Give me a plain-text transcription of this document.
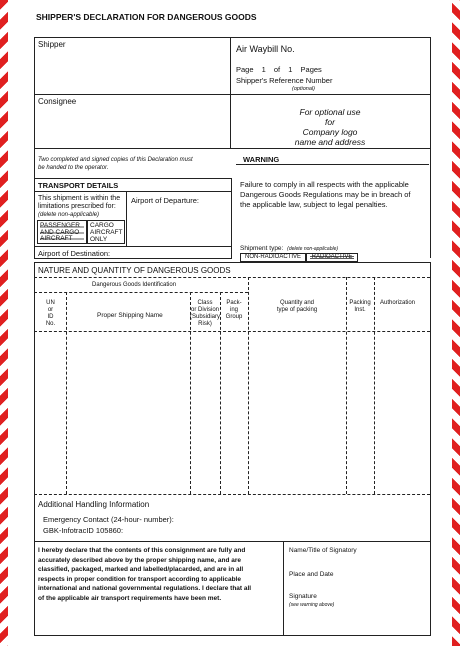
SHIPPER'S DECLARATION FOR DANGEROUS GOODS
Shipper	Air Waybill No.
Page 1 of 1 Pages
Shipper's Reference Number
(optional)
Consignee
For optional use
for
Company logo
name and address
Two completed and signed copies of this Declaration must
be handed to the operator.
WARNING
Failure to comply in all respects with the applicable
Dangerous Goods Regulations may be in breach of
the applicable law, subject to legal penalties.
TRANSPORT DETAILS
This shipment is within the
limitations prescribed for:
(delete non-applicable)
Airport of Departure:
PASSENGER AND CARGO AIRCRAFT
CARGO
AIRCRAFT
ONLY
Airport of Destination:
Shipment type: (delete non-applicable)
NON-RADIOACTIVE	RADIOACTIVE
NATURE AND QUANTITY OF DANGEROUS GOODS
Dangerous Goods Identification
UN
or
ID
No.
Proper Shipping Name
Class
or Division
(Subsidiary
Risk)
Pack-
ing
Group
Quantity and
type of packing
Packing
Inst.
Authorization
Additional Handling Information
Emergency Contact (24-hour- number):
GBK-InfotracID 105860:
I hereby declare that the contents of this consignment are fully and
accurately described above by the proper shipping name, and are
classified, packaged, marked and labelled/placarded, and are in all
respects in proper condition for transport according to applicable
international and national governmental regulations. I declare that all
of the applicable air transport requirements have been met.
Name/Title of Signatory
Place and Date
Signature
(see warning above)
